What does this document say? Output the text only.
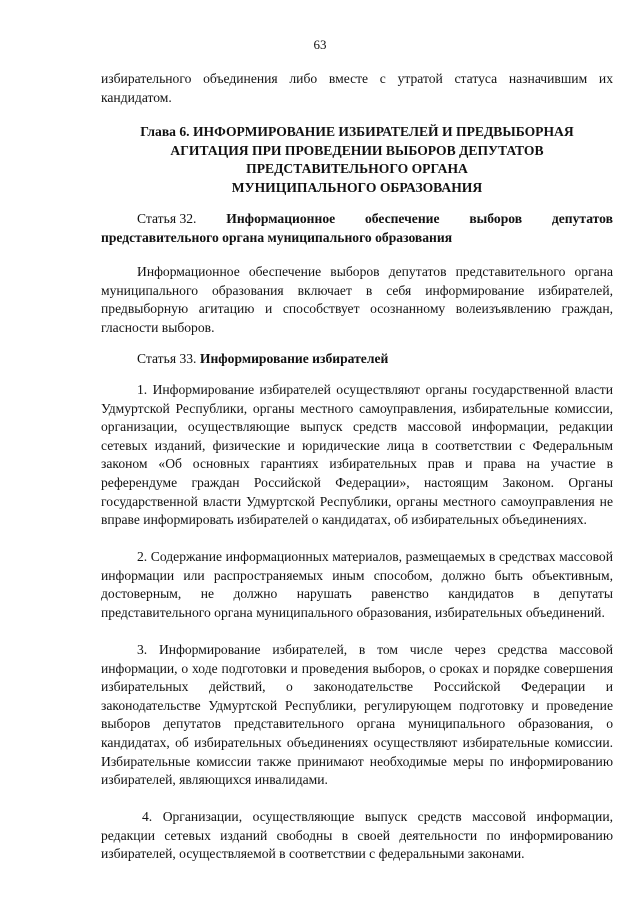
63
избирательного объединения либо вместе с утратой статуса назначившим их кандидатом.
Глава 6. ИНФОРМИРОВАНИЕ ИЗБИРАТЕЛЕЙ И ПРЕДВЫБОРНАЯ
АГИТАЦИЯ ПРИ ПРОВЕДЕНИИ ВЫБОРОВ ДЕПУТАТОВ
ПРЕДСТАВИТЕЛЬНОГО ОРГАНА
МУНИЦИПАЛЬНОГО ОБРАЗОВАНИЯ
Статья 32. Информационное обеспечение выборов депутатов
представительного органа муниципального образования
Информационное обеспечение выборов депутатов представительного органа муниципального образования включает в себя информирование избирателей, предвыборную агитацию и способствует осознанному волеизъявлению граждан, гласности выборов.
Статья 33. Информирование избирателей
1. Информирование избирателей осуществляют органы государственной власти Удмуртской Республики, органы местного самоуправления, избирательные комиссии, организации, осуществляющие выпуск средств массовой информации, редакции сетевых изданий, физические и юридические лица в соответствии с Федеральным законом «Об основных гарантиях избирательных прав и права на участие в референдуме граждан Российской Федерации», настоящим Законом. Органы государственной власти Удмуртской Республики, органы местного самоуправления не вправе информировать избирателей о кандидатах, об избирательных объединениях.
2. Содержание информационных материалов, размещаемых в средствах массовой информации или распространяемых иным способом, должно быть объективным, достоверным, не должно нарушать равенство кандидатов в депутаты представительного органа муниципального образования, избирательных объединений.
3. Информирование избирателей, в том числе через средства массовой информации, о ходе подготовки и проведения выборов, о сроках и порядке совершения избирательных действий, о законодательстве Российской Федерации и законодательстве Удмуртской Республики, регулирующем подготовку и проведение выборов депутатов представительного органа муниципального образования, о кандидатах, об избирательных объединениях осуществляют избирательные комиссии. Избирательные комиссии также принимают необходимые меры по информированию избирателей, являющихся инвалидами.
4. Организации, осуществляющие выпуск средств массовой информации, редакции сетевых изданий свободны в своей деятельности по информированию избирателей, осуществляемой в соответствии с федеральными законами.
